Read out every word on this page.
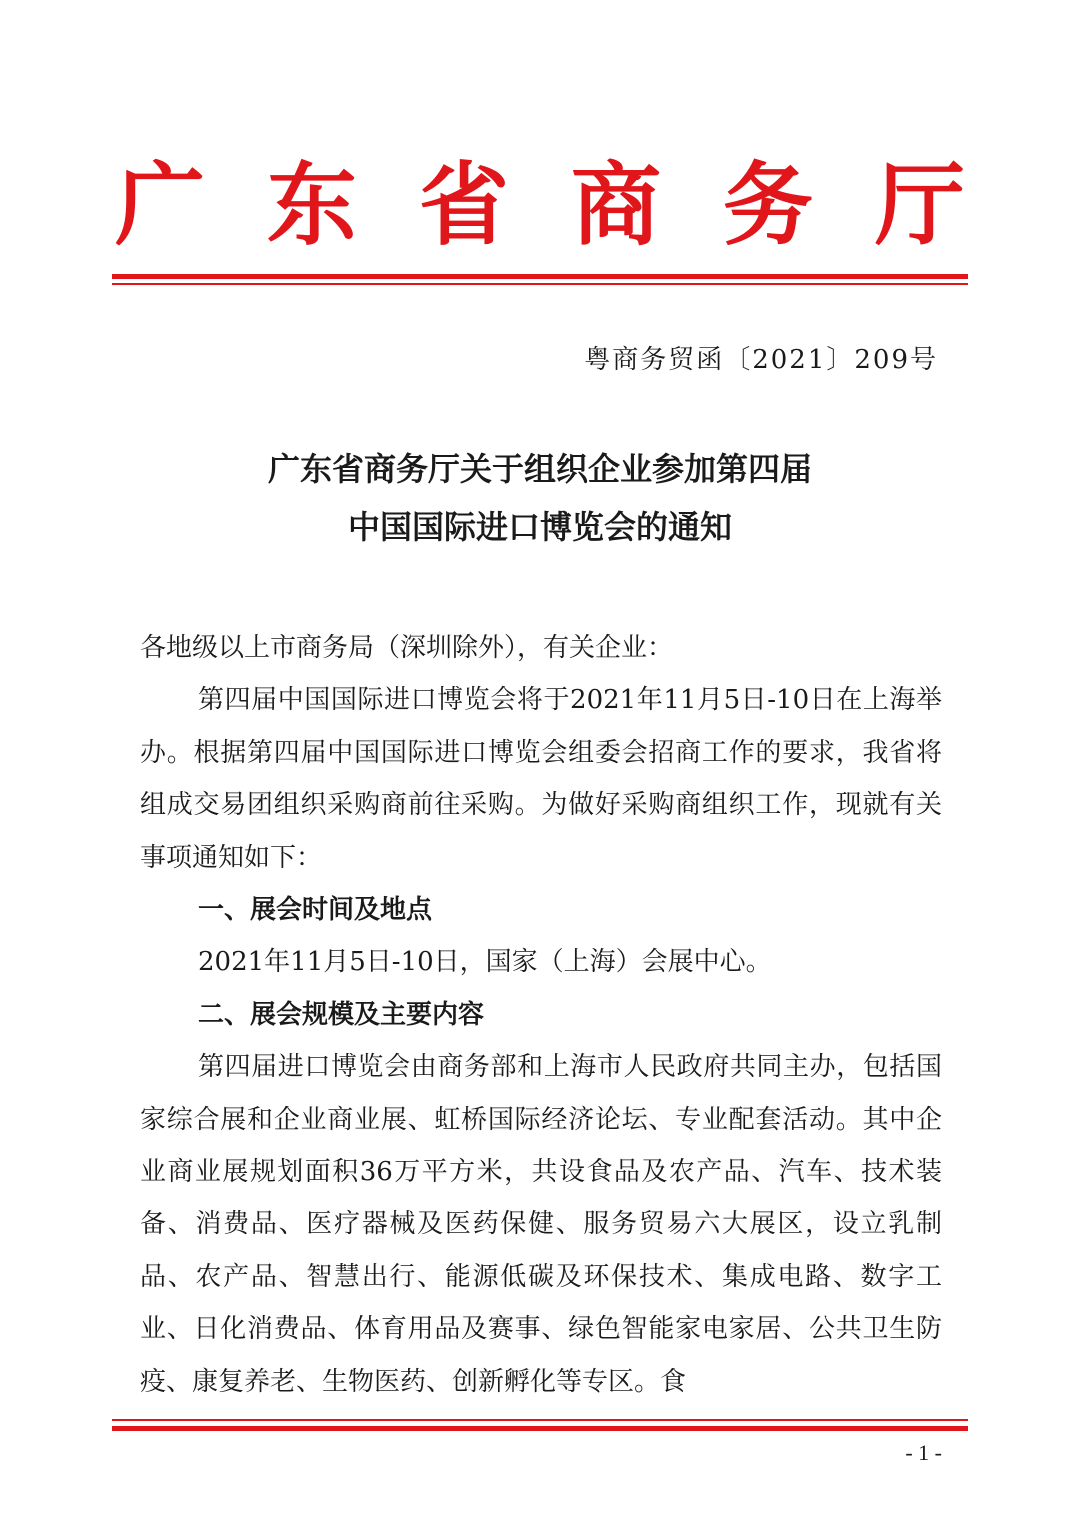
广 东 省 商 务 厅
粤商务贸函〔2021〕209号
广东省商务厅关于组织企业参加第四届
中国国际进口博览会的通知

各地级以上市商务局（深圳除外），有关企业：

第四届中国国际进口博览会将于2021年11月5日-10日在上海举办。根据第四届中国国际进口博览会组委会招商工作的要求，我省将组成交易团组织采购商前往采购。为做好采购商组织工作，现就有关事项通知如下：

一、展会时间及地点

2021年11月5日-10日，国家（上海）会展中心。

二、展会规模及主要内容

第四届进口博览会由商务部和上海市人民政府共同主办，包括国家综合展和企业商业展、虹桥国际经济论坛、专业配套活动。其中企业商业展规划面积36万平方米，共设食品及农产品、汽车、技术装备、消费品、医疗器械及医药保健、服务贸易六大展区，设立乳制品、农产品、智慧出行、能源低碳及环保技术、集成电路、数字工业、日化消费品、体育用品及赛事、绿色智能家电家居、公共卫生防疫、康复养老、生物医药、创新孵化等专区。食

- 1 -
